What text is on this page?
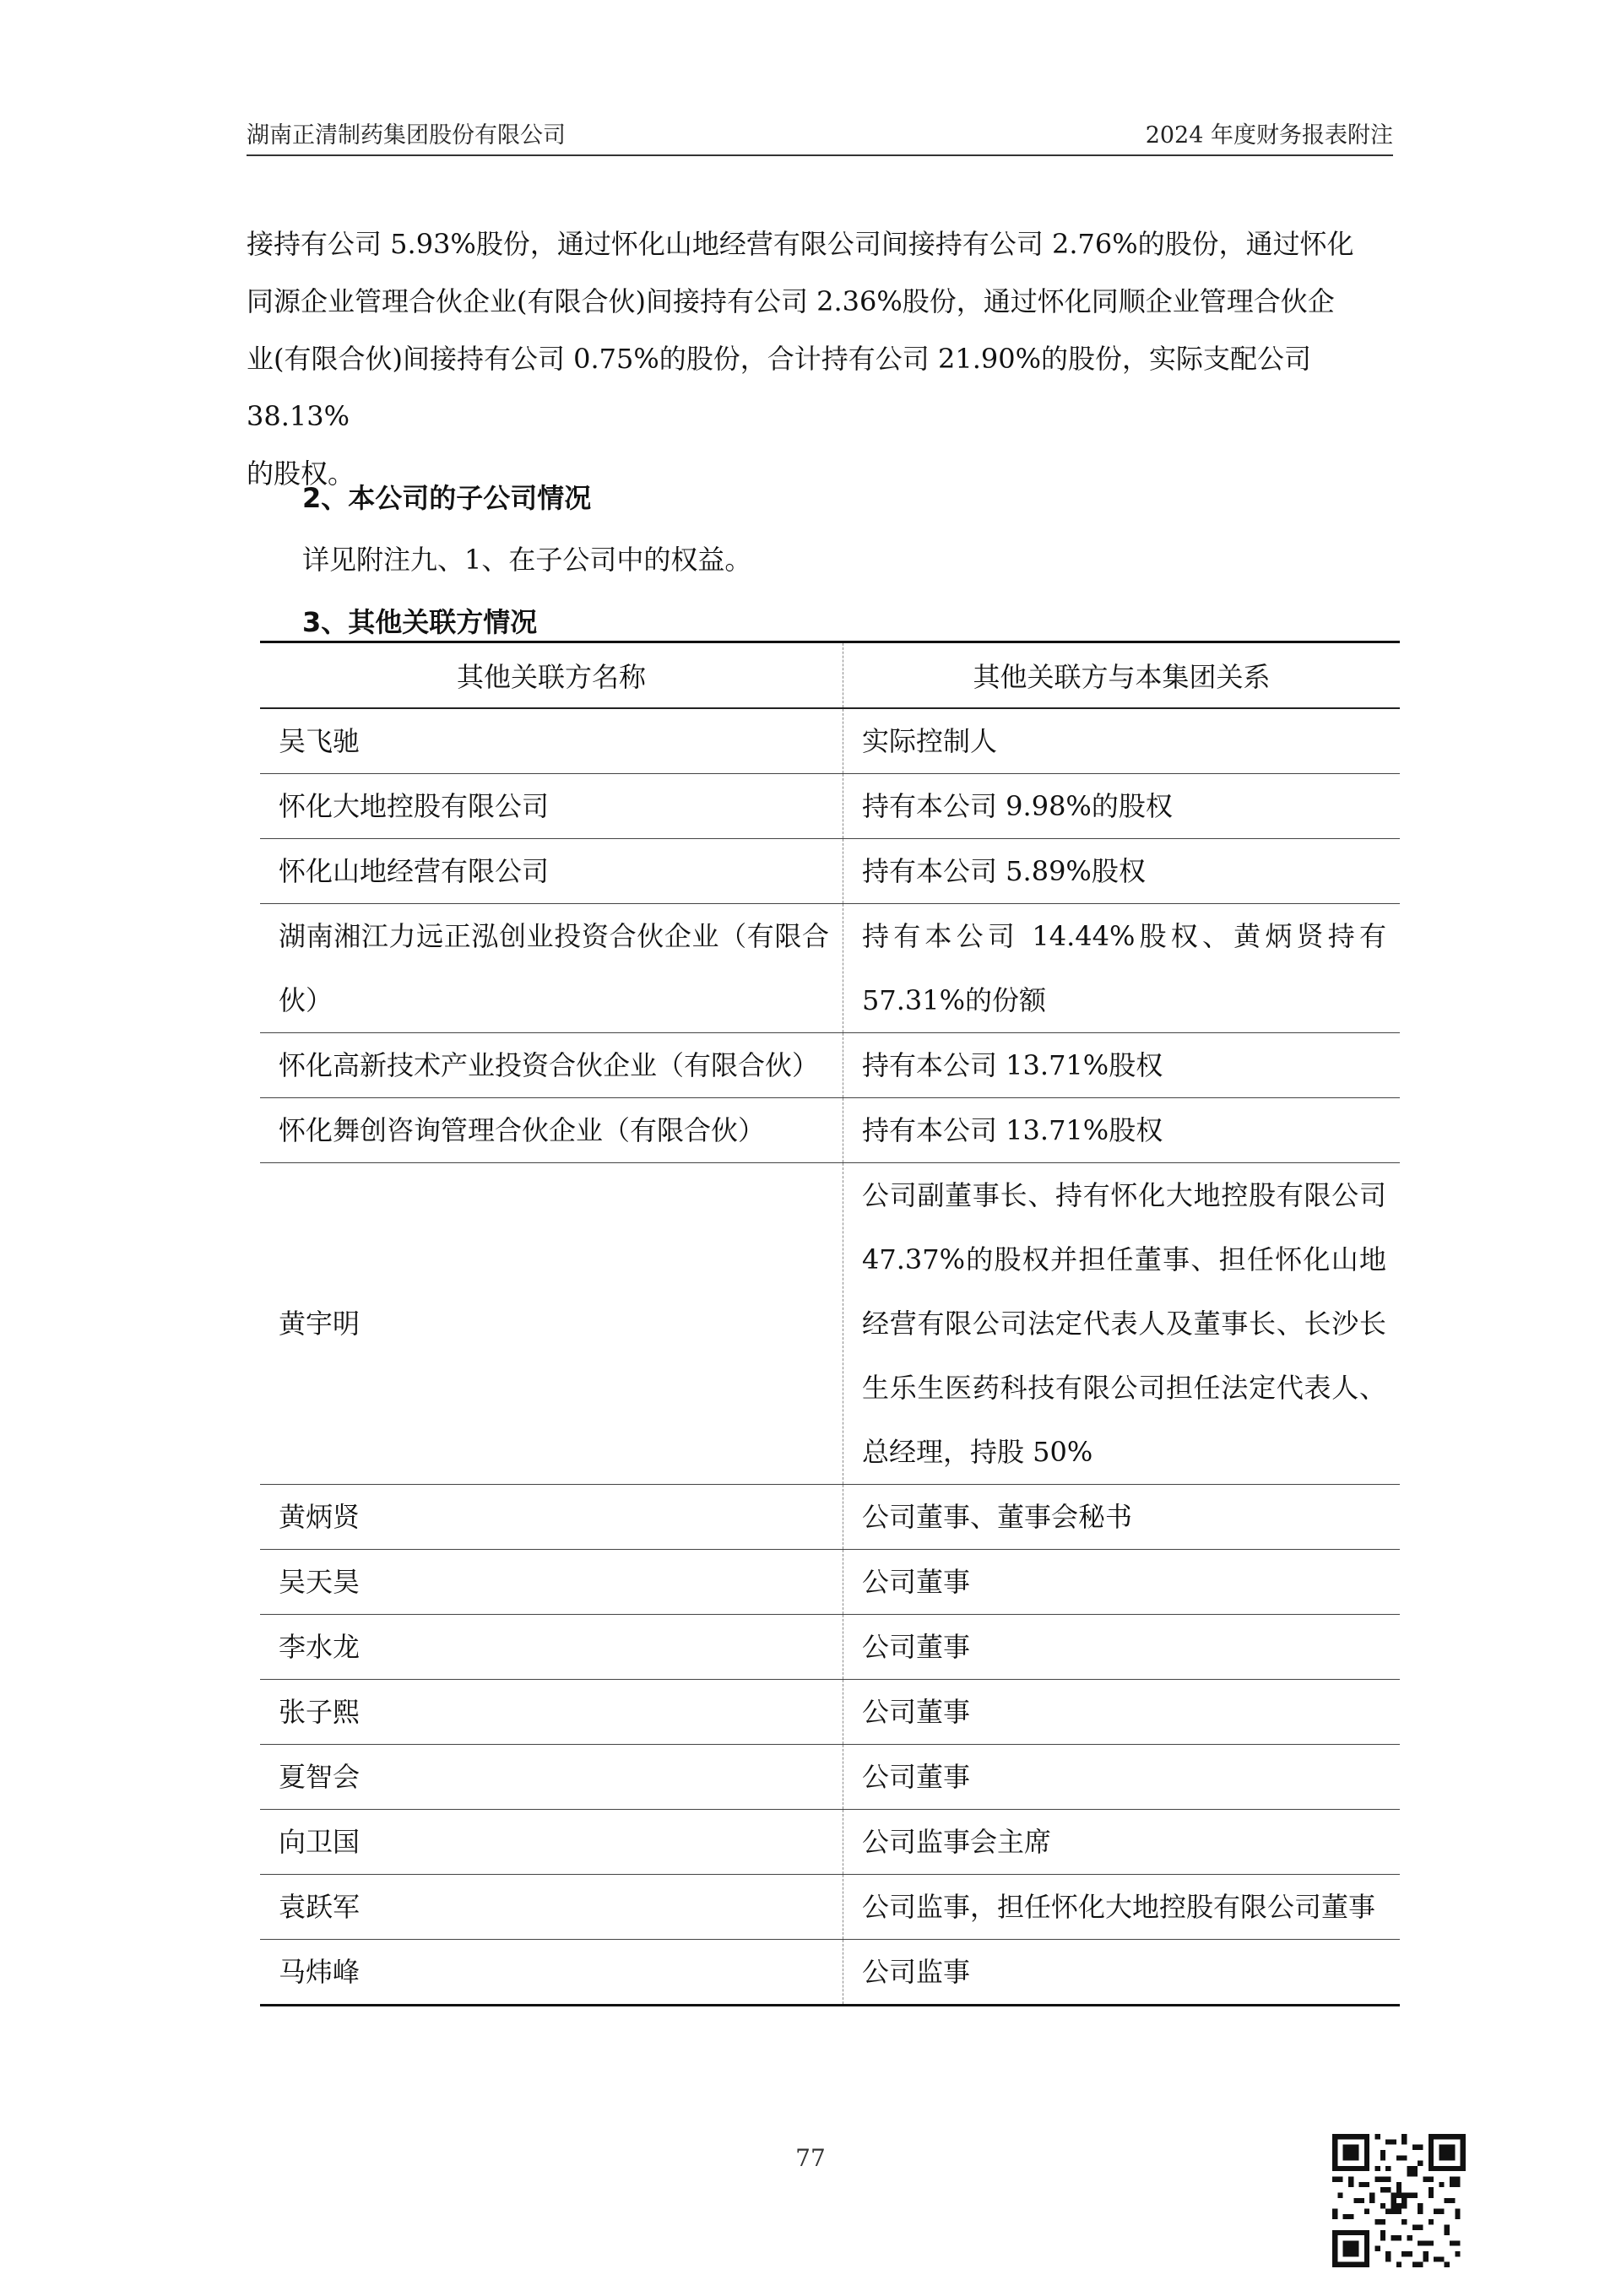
湖南正清制药集团股份有限公司	2024 年度财务报表附注
接持有公司 5.93%股份，通过怀化山地经营有限公司间接持有公司 2.76%的股份，通过怀化
同源企业管理合伙企业(有限合伙)间接持有公司 2.36%股份，通过怀化同顺企业管理合伙企
业(有限合伙)间接持有公司 0.75%的股份，合计持有公司 21.90%的股份，实际支配公司 38.13%
的股权。

2、本公司的子公司情况

详见附注九、1、在子公司中的权益。

3、其他关联方情况

其他关联方名称	其他关联方与本集团关系
吴飞驰	实际控制人
怀化大地控股有限公司	持有本公司 9.98%的股权
怀化山地经营有限公司	持有本公司 5.89%股权
湖南湘江力远正泓创业投资合伙企业（有限合伙）	持有本公司 14.44%股权、黄炳贤持有57.31%的份额
怀化高新技术产业投资合伙企业（有限合伙）	持有本公司 13.71%股权
怀化舞创咨询管理合伙企业（有限合伙）	持有本公司 13.71%股权
黄宇明	公司副董事长、持有怀化大地控股有限公司 47.37%的股权并担任董事、担任怀化山地经营有限公司法定代表人及董事长、长沙长生乐生医药科技有限公司担任法定代表人、总经理，持股 50%
黄炳贤	公司董事、董事会秘书
吴天昊	公司董事
李水龙	公司董事
张子熙	公司董事
夏智会	公司董事
向卫国	公司监事会主席
袁跃军	公司监事，担任怀化大地控股有限公司董事
马炜峰	公司监事
77
